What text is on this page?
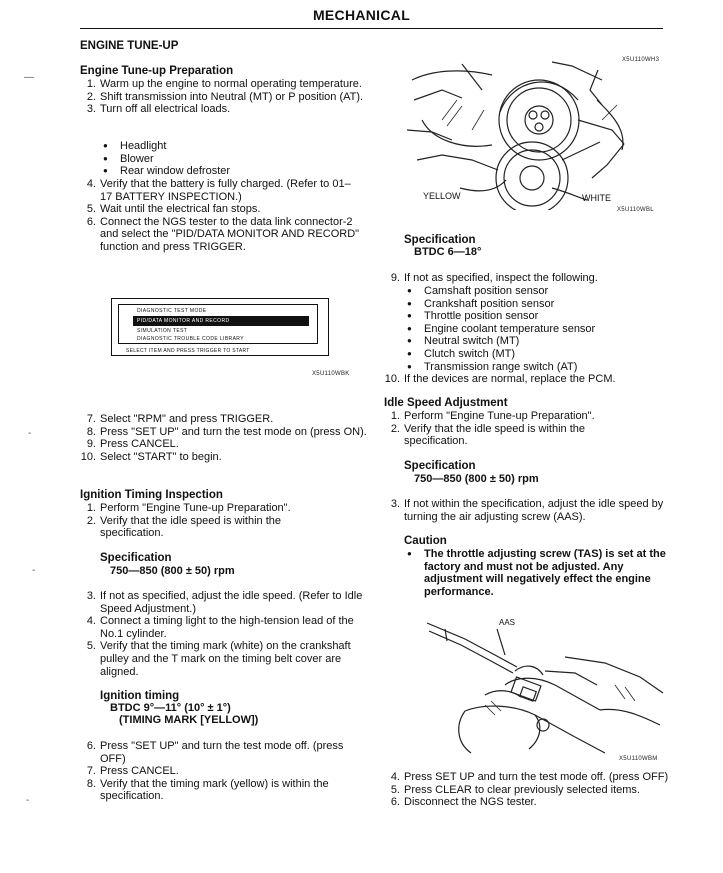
MECHANICAL
—
-
-
-
ENGINE TUNE-UP
Engine Tune-up Preparation
1. Warm up the engine to normal operating temperature.
2. Shift transmission into Neutral (MT) or P position (AT).
3. Turn off all electrical loads.
● Headlight
● Blower
● Rear window defroster
4. Verify that the battery is fully charged. (Refer to 01–17 BATTERY INSPECTION.)
5. Wait until the electrical fan stops.
6. Connect the NGS tester to the data link connector-2 and select the "PID/DATA MONITOR AND RECORD" function and press TRIGGER.
DIAGNOSTIC TEST MODE
PID/DATA MONITOR AND RECORD
SIMULATION TEST
DIAGNOSTIC TROUBLE CODE LIBRARY
SELECT ITEM AND PRESS TRIGGER TO START
X5U110WBK
7. Select "RPM" and press TRIGGER.
8. Press "SET UP" and turn the test mode on (press ON).
9. Press CANCEL.
10. Select "START" to begin.
Ignition Timing Inspection
1. Perform "Engine Tune-up Preparation".
2. Verify that the idle speed is within the specification.
Specification
750—850 (800 ± 50) rpm
3. If not as specified, adjust the idle speed. (Refer to Idle Speed Adjustment.)
4. Connect a timing light to the high-tension lead of the No.1 cylinder.
5. Verify that the timing mark (white) on the crankshaft pulley and the T mark on the timing belt cover are aligned.
Ignition timing
BTDC 9°—11° (10° ± 1°)
(TIMING MARK [YELLOW])
6. Press "SET UP" and turn the test mode off. (press OFF)
7. Press CANCEL.
8. Verify that the timing mark (yellow) is within the specification.
X5U110WH3
YELLOW	WHITE
X5U110WBL
Specification
BTDC 6—18°
9. If not as specified, inspect the following.
● Camshaft position sensor
● Crankshaft position sensor
● Throttle position sensor
● Engine coolant temperature sensor
● Neutral switch (MT)
● Clutch switch (MT)
● Transmission range switch (AT)
10. If the devices are normal, replace the PCM.
Idle Speed Adjustment
1. Perform "Engine Tune-up Preparation".
2. Verify that the idle speed is within the specification.
Specification
750—850 (800 ± 50) rpm
3. If not within the specification, adjust the idle speed by turning the air adjusting screw (AAS).
Caution
● The throttle adjusting screw (TAS) is set at the factory and must not be adjusted. Any adjustment will negatively effect the engine performance.
AAS
X5U110WBM
4. Press SET UP and turn the test mode off. (press OFF)
5. Press CLEAR to clear previously selected items.
6. Disconnect the NGS tester.
